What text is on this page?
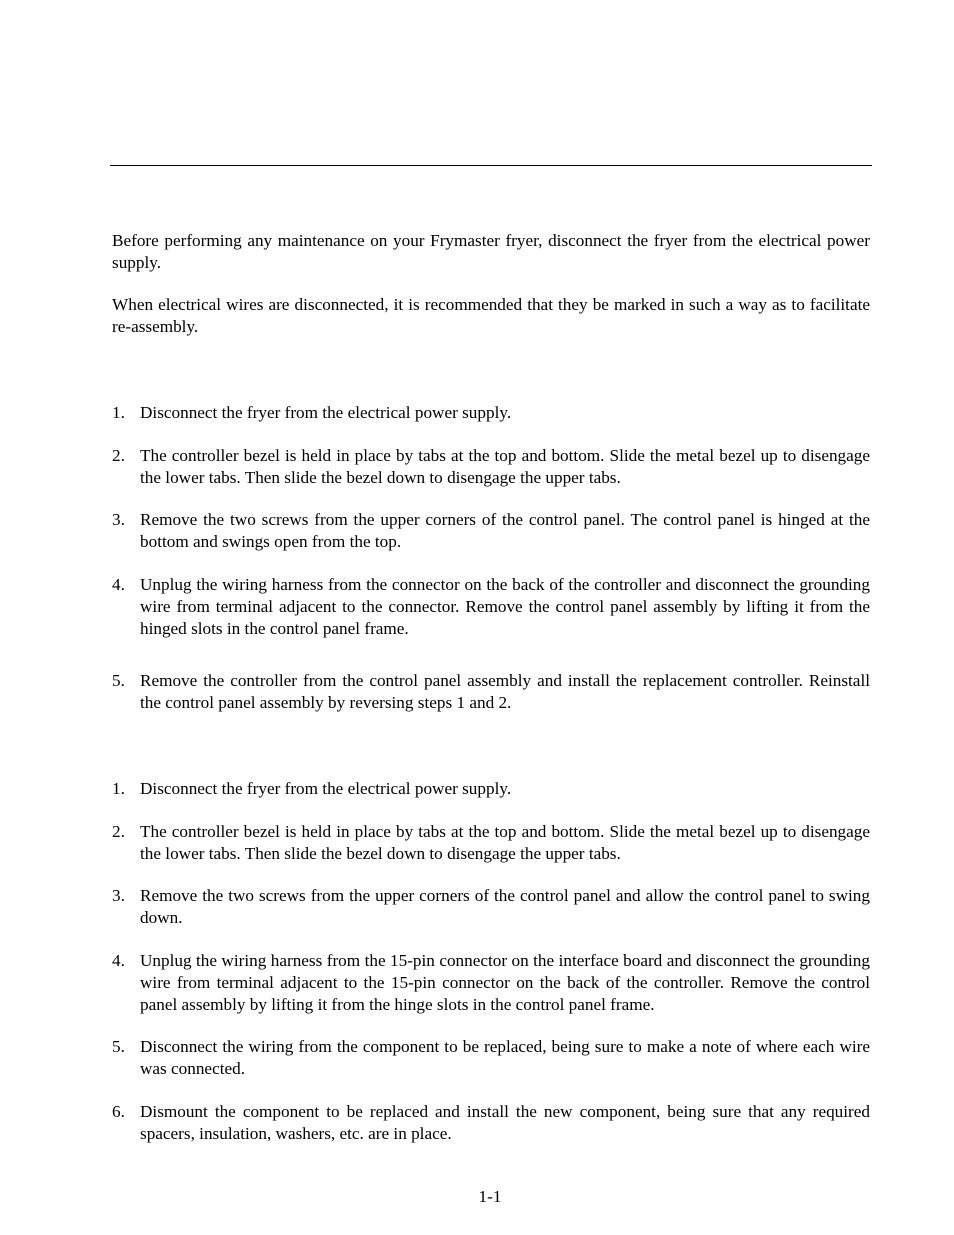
Before performing any maintenance on your Frymaster fryer, disconnect the fryer from the electrical power supply.

When electrical wires are disconnected, it is recommended that they be marked in such a way as to facilitate re-assembly.

1. Disconnect the fryer from the electrical power supply.
2. The controller bezel is held in place by tabs at the top and bottom. Slide the metal bezel up to disengage the lower tabs. Then slide the bezel down to disengage the upper tabs.
3. Remove the two screws from the upper corners of the control panel. The control panel is hinged at the bottom and swings open from the top.
4. Unplug the wiring harness from the connector on the back of the controller and disconnect the grounding wire from terminal adjacent to the connector. Remove the control panel assembly by lifting it from the hinged slots in the control panel frame.
5. Remove the controller from the control panel assembly and install the replacement controller. Reinstall the control panel assembly by reversing steps 1 and 2.
1. Disconnect the fryer from the electrical power supply.
2. The controller bezel is held in place by tabs at the top and bottom. Slide the metal bezel up to disengage the lower tabs. Then slide the bezel down to disengage the upper tabs.
3. Remove the two screws from the upper corners of the control panel and allow the control panel to swing down.
4. Unplug the wiring harness from the 15-pin connector on the interface board and disconnect the grounding wire from terminal adjacent to the 15-pin connector on the back of the controller. Remove the control panel assembly by lifting it from the hinge slots in the control panel frame.
5. Disconnect the wiring from the component to be replaced, being sure to make a note of where each wire was connected.
6. Dismount the component to be replaced and install the new component, being sure that any required spacers, insulation, washers, etc. are in place.
1-1
